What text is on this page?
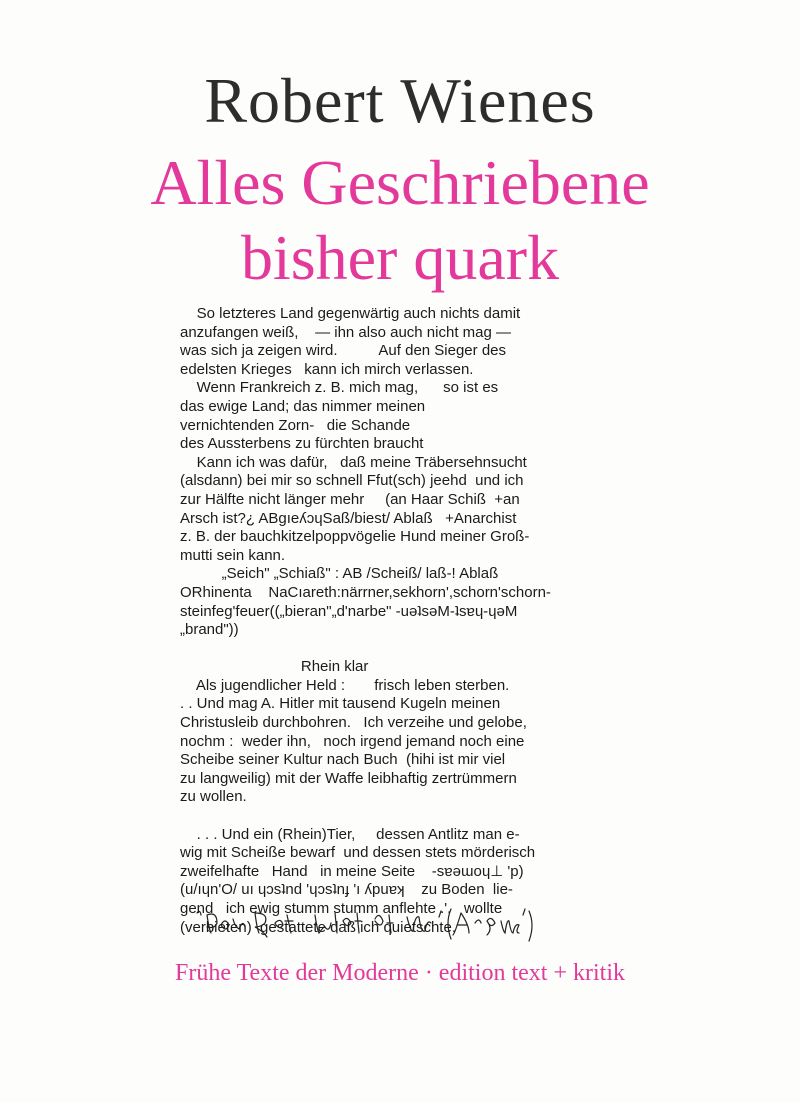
Robert Wienes
Alles Geschriebene
bisher quark
So letzteres Land gegenwärtig auch nichts damit
anzufangen weiß,    — ihn also auch nicht mag —
was sich ja zeigen wird.          Auf den Sieger des
edelsten Krieges   kann ich mirch verlassen.
Wenn Frankreich z. B. mich mag,      so ist es
das ewige Land; das nimmer meinen
vernichtenden Zorn-   die Schande
des Aussterbens zu fürchten braucht
Kann ich was dafür,   daß meine Träbersehnsucht
(alsdann) bei mir so schnell Ffut(sch) jeehd  und ich
zur Hälfte nicht länger mehr     (an Haar Schiß  +an
Arsch ist?¿ ABgıeʎɔɥSaß/biest/ Ablaß   +Anarchist
z. B. der bauchkitzelpoppvögelie Hund meiner Groß-
mutti sein kann.
„Seich" „Schiaß" : AB /Scheiß/ laß-! Ablaß
ORhinenta    NaCıareth:närrner,sekhorn',schorn'schorn-
steinfeg'feuer((„bieran"„d'narbe" -uǝʇsǝM-ʇsɐɥ-ɥǝM
„brand"))
Rhein klar
Als jugendlicher Held :       frisch leben sterben.
. . Und mag A. Hitler mit tausend Kugeln meinen
Christusleib durchbohren.   Ich verzeihe und gelobe,
nochm :  weder ihn,   noch irgend jemand noch eine
Scheibe seiner Kultur nach Buch  (hihi ist mir viel
zu langweilig) mit der Waffe leibhaftig zertrümmern
zu wollen.
. . . Und ein (Rhein)Tier,     dessen Antlitz man e-
wig mit Scheiße bewarf  und dessen stets mörderisch
zweifelhafte   Hand   in meine Seite    -sɐǝɯoɥ⊥ 'p)
(u/ıɥn'O/ uı ɥɔsʇnd 'ɥɔsʇnɟ 'ı ʎpuɐʞ    zu Boden  lie-
gend   ich ewig stumm stumm anflehte .'.   wollte
(verbieten)  gestattete daß ich quietschte.
Frühe Texte der Moderne · edition text + kritik
